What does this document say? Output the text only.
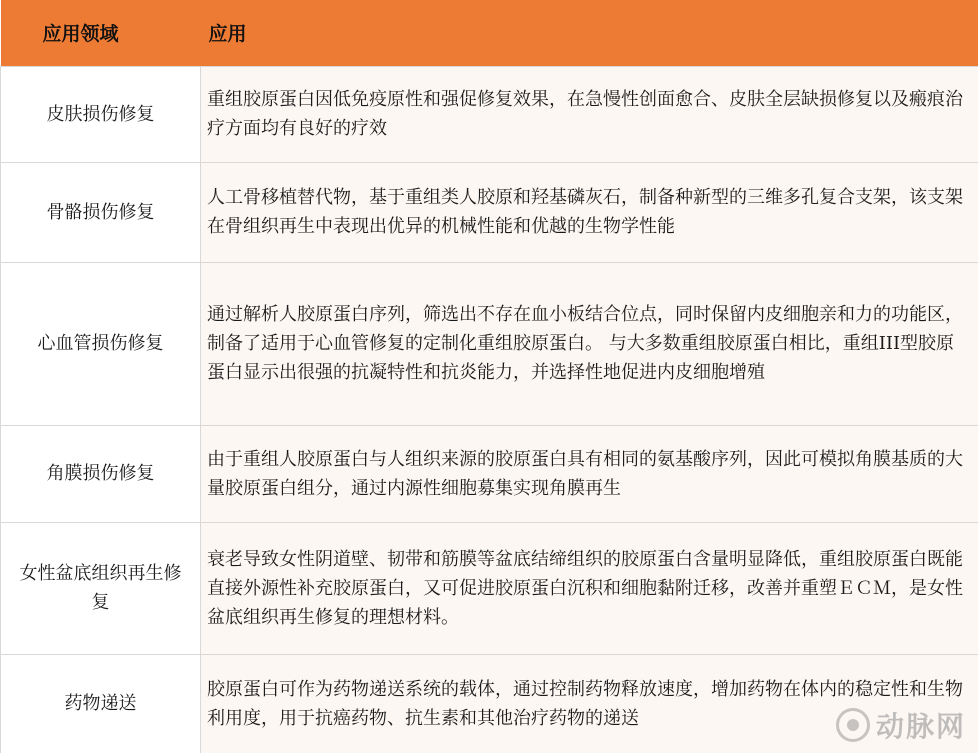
应用领域	应用
皮肤损伤修复	重组胶原蛋白因低免疫原性和强促修复效果，在急慢性创面愈合、皮肤全层缺损修复以及瘢痕治疗方面均有良好的疗效
骨骼损伤修复	人工骨移植替代物，基于重组类人胶原和羟基磷灰石，制备种新型的三维多孔复合支架，该支架在骨组织再生中表现出优异的机械性能和优越的生物学性能
心血管损伤修复	通过解析人胶原蛋白序列，筛选出不存在血小板结合位点，同时保留内皮细胞亲和力的功能区，制备了适用于心血管修复的定制化重组胶原蛋白。 与大多数重组胶原蛋白相比，重组III型胶原蛋白显示出很强的抗凝特性和抗炎能力，并选择性地促进内皮细胞增殖
角膜损伤修复	由于重组人胶原蛋白与人组织来源的胶原蛋白具有相同的氨基酸序列，因此可模拟角膜基质的大量胶原蛋白组分，通过内源性细胞募集实现角膜再生
女性盆底组织再生修复	衰老导致女性阴道壁、韧带和筋膜等盆底结缔组织的胶原蛋白含量明显降低，重组胶原蛋白既能直接外源性补充胶原蛋白，又可促进胶原蛋白沉积和细胞黏附迁移，改善并重塑ＥＣＭ，是女性盆底组织再生修复的理想材料。
药物递送	胶原蛋白可作为药物递送系统的载体，通过控制药物释放速度，增加药物在体内的稳定性和生物利用度，用于抗癌药物、抗生素和其他治疗药物的递送	动脉网
